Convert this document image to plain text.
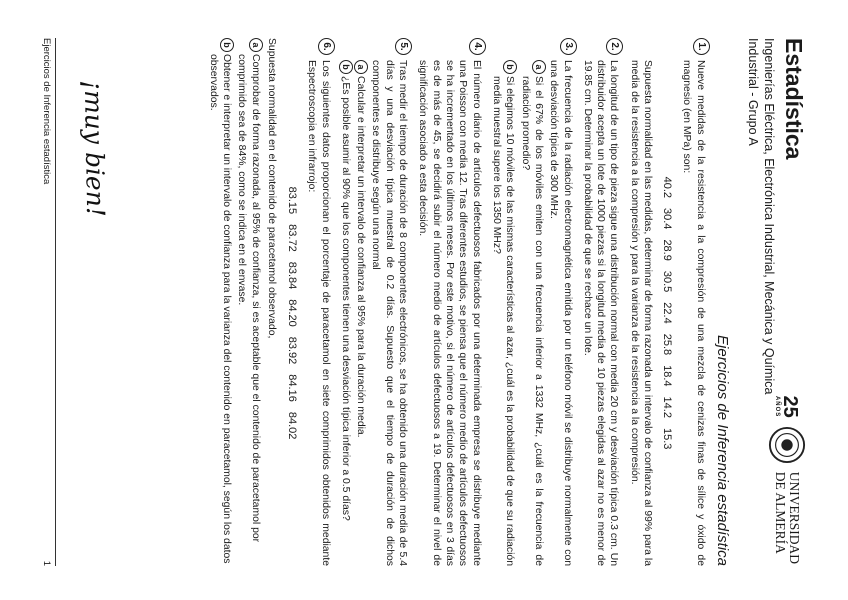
Estadística
Ingenierías Eléctrica, Electrónica Industrial, Mecánica y Química Industrial - Grupo A
25
AÑOS
UNIVERSIDAD
DE ALMERÍA
Ejercicios de Inferencia estadística
1.
Nueve medidas de la resistencia a la compresión de una mezcla de cenizas finas de sílice y óxido de magnesio (en MPa) son:
40.230.428.930.522.425.818.414.215.3
Supuesta normalidad en las medidas, determinar de forma razonada un intervalo de confianza al 99% para la media de la resistencia a la compresión y para la varianza de la resistencia a la compresión.
2.
La longitud de un tipo de pieza sigue una distribución normal con media 20 cm y desviación típica 0.3 cm. Un distribuidor acepta un lote de 1000 piezas si la longitud media de 10 piezas elegidas al azar no es menor de 19.85 cm. Determinar la probabilidad de que se rechace un lote.
3.
La frecuencia de la radiación electromagnética emitida por un teléfono móvil se distribuye normalmente con una desviación típica de 300 MHz.
a
Si el 67% de los móviles emiten con una frecuencia inferior a 1332 MHz, ¿cuál es la frecuencia de radiación promedio?
b
Si elegimos 10 móviles de las mismas características al azar, ¿cuál es la probabilidad de que su radiación media muestral supere los 1350 MHz?
4.
El número diario de artículos defectuosos fabricados por una determinada empresa se distribuye mediante una Poisson con media 12. Tras diferentes estudios, se piensa que el número medio de artículos defectuosos se ha incrementado en los últimos meses. Por este motivo, si el número de artículos defectuosos en 3 días es de más de 45, se decidirá subir el número medio de artículos defectuosos a 19. Determinar el nivel de significación asociado a esta decisión.
5.
Tras medir el tiempo de duración de 8 componentes electrónicos, se ha obtenido una duración media de 5.4 días y una desviación típica muestral de 0.2 días. Supuesto que el tiempo de duración de dichos componentes se distribuye según una normal
a
Calcular e interpretar un intervalo de confianza al 95% para la duración media.
b
¿Es posible asumir al 90% que los componentes tienen una desviación típica inferior a 0.5 días?
6.
Los siguientes datos proporcionan el porcentaje de paracetamol en siete comprimidos obtenidos mediante Espectroscopia en infrarrojo:
83.1583.7283.8484.2083.9284.1684.02
Supuesta normalidad en el contenido de paracetamol observado,
a
Comprobar de forma razonada, al 95% de confianza, si es aceptable que el contenido de paracetamol por comprimido sea de 84%, como se indica en el envase.
b
Obtener e interpretar un intervalo de confianza para la varianza del contenido en paracetamol, según los datos observados.
¡muy bien!
Ejercicios de Inferencia estadística
1
